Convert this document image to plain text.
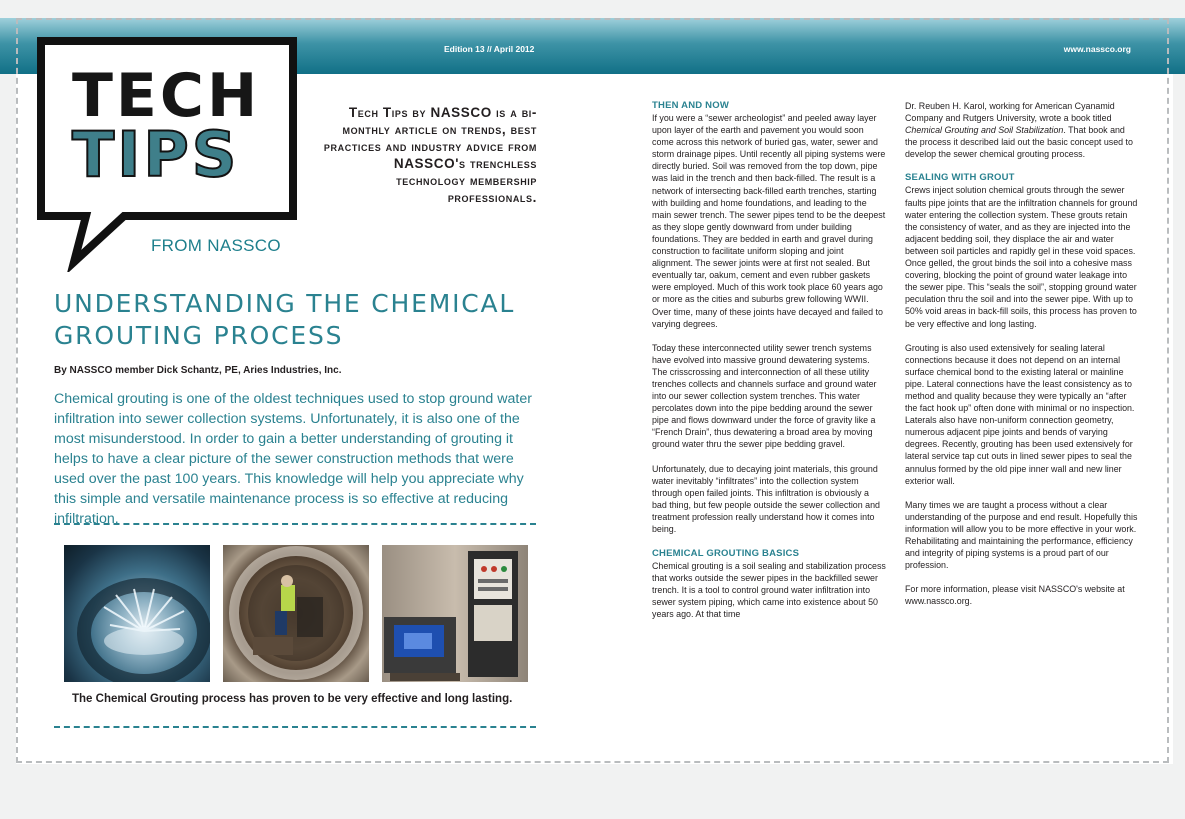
Edition 13 // April 2012	www.nassco.org
TECH
TIPS
FROM NASSCO
Tech Tips by NASSCO is a bi-monthly article on trends, best practices and industry advice from NASSCO's trenchless technology membership professionals.
UNDERSTANDING THE CHEMICAL
GROUTING PROCESS
By NASSCO member Dick Schantz, PE, Aries Industries, Inc.
Chemical grouting is one of the oldest techniques used to stop ground water infiltration into sewer collection systems. Unfortunately, it is also one of the most misunderstood. In order to gain a better understanding of grouting it helps to have a clear picture of the sewer construction methods that were used over the past 100 years. This knowledge will help you appreciate why this simple and versatile maintenance process is so effective at reducing infiltration.
The Chemical Grouting process has proven to be very effective and long lasting.
THEN AND NOW

If you were a “sewer archeologist” and peeled away layer upon layer of the earth and pavement you would soon come across this network of buried gas, water, sewer and storm drainage pipes. Until recently all piping systems were directly buried. Soil was removed from the top down, pipe was laid in the trench and then back-filled. The result is a network of intersecting back-filled earth trenches, starting with building and home foundations, and leading to the main sewer trench. The sewer pipes tend to be the deepest as they slope gently downward from under building foundations. They are bedded in earth and gravel during construction to facilitate uniform sloping and joint alignment. The sewer joints were at first not sealed. But eventually tar, oakum, cement and even rubber gaskets were employed. Much of this work took place 60 years ago or more as the cities and suburbs grew following WWII. Over time, many of these joints have decayed and failed to varying degrees.

Today these interconnected utility sewer trench systems have evolved into massive ground dewatering systems. The crisscrossing and interconnection of all these utility trenches collects and channels surface and ground water into our sewer collection system trenches. This water percolates down into the pipe bedding around the sewer pipe and flows downward under the force of gravity like a “French Drain”, thus dewatering a broad area by moving ground water thru the sewer pipe bedding gravel.

Unfortunately, due to decaying joint materials, this ground water inevitably “infiltrates” into the collection system through open failed joints. This infiltration is obviously a bad thing, but few people outside the sewer collection and treatment profession really understand how it comes into being.

CHEMICAL GROUTING BASICS

Chemical grouting is a soil sealing and stabilization process that works outside the sewer pipes in the backfilled sewer trench. It is a tool to control ground water infiltration into sewer system piping, which came into existence about 50 years ago. At that time

Dr. Reuben H. Karol, working for American Cyanamid Company and Rutgers University, wrote a book titled Chemical Grouting and Soil Stabilization. That book and the process it described laid out the basic concept used to develop the sewer chemical grouting process.

SEALING WITH GROUT

Crews inject solution chemical grouts through the sewer faults pipe joints that are the infiltration channels for ground water entering the collection system. These grouts retain the consistency of water, and as they are injected into the adjacent bedding soil, they displace the air and water between soil particles and rapidly gel in these void spaces. Once gelled, the grout binds the soil into a cohesive mass covering, blocking the point of ground water leakage into the sewer pipe. This “seals the soil”, stopping ground water peculation thru the soil and into the sewer pipe. With up to 50% void areas in back-fill soils, this process has proven to be very effective and long lasting.

Grouting is also used extensively for sealing lateral connections because it does not depend on an internal surface chemical bond to the existing lateral or mainline pipe. Lateral connections have the least consistency as to method and quality because they were typically an “after the fact hook up” often done with minimal or no inspection. Laterals also have non-uniform connection geometry, numerous adjacent pipe joints and bends of varying degrees. Recently, grouting has been used extensively for lateral service tap cut outs in lined sewer pipes to seal the annulus formed by the old pipe inner wall and new liner exterior wall.

Many times we are taught a process without a clear understanding of the purpose and end result. Hopefully this information will allow you to be more effective in your work. Rehabilitating and maintaining the performance, efficiency and integrity of piping systems is a proud part of our profession.

For more information, please visit NASSCO's website at www.nassco.org.
